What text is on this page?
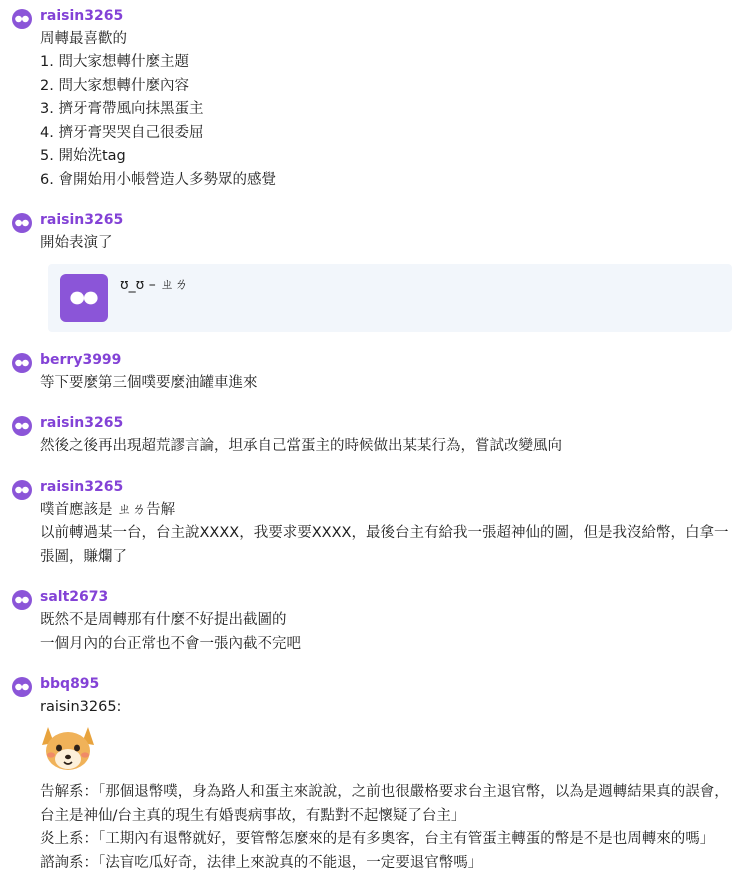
raisin3265
周轉最喜歡的
1. 問大家想轉什麼主題
2. 問大家想轉什麼內容
3. 擠牙膏帶風向抹黑蛋主
4. 擠牙膏哭哭自己很委屈
5. 開始洗tag
6. 會開始用小帳營造人多勢眾的感覺
raisin3265
開始表演了
ʊ_ʊ – ㄓㄌ
berry3999
等下要麼第三個噗要麼油罐車進來
raisin3265
然後之後再出現超荒謬言論，坦承自己當蛋主的時候做出某某行為，嘗試改變風向
raisin3265
噗首應該是 ㄓㄌ告解
以前轉過某一台，台主說XXXX，我要求要XXXX，最後台主有給我一張超神仙的圖，但是我沒給幣，白拿一張圖，賺爛了
salt2673
既然不是周轉那有什麼不好提出截圖的
一個月內的台正常也不會一張內截不完吧
bbq895
raisin3265:
告解系：「那個退幣噗，身為路人和蛋主來說說，之前也很嚴格要求台主退官幣，以為是週轉結果真的誤會，台主是神仙/台主真的現生有婚喪病事故，有點對不起懷疑了台主」
炎上系：「工期內有退幣就好，要管幣怎麼來的是有多奧客，台主有管蛋主轉蛋的幣是不是也周轉來的嗎」
諮詢系：「法盲吃瓜好奇，法律上來說真的不能退，一定要退官幣嗎」
